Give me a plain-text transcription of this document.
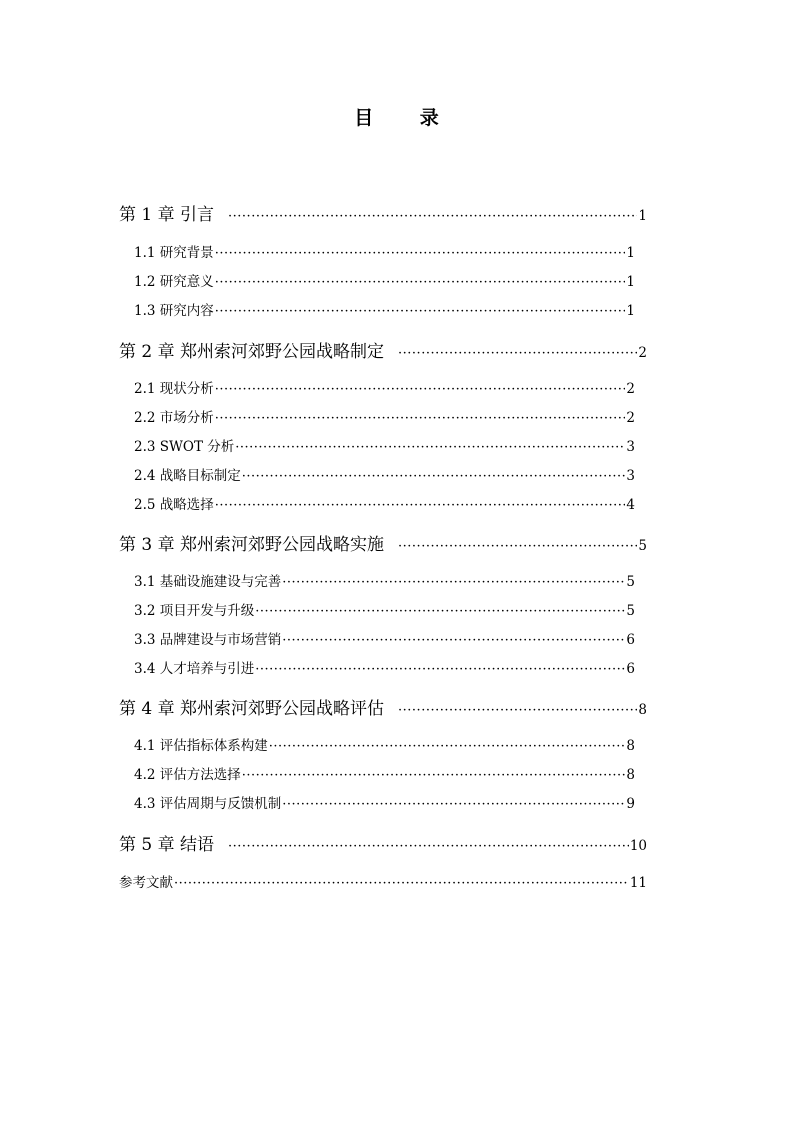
目 录
第 1 章 引言 ·····	1
1.1 研究背景 ·····	1
1.2 研究意义 ·····	1
1.3 研究内容 ·····	1
第 2 章 郑州索河郊野公园战略制定 ·····	2
2.1 现状分析 ·····	2
2.2 市场分析 ·····	2
2.3 SWOT 分析 ·····	3
2.4 战略目标制定 ·····	3
2.5 战略选择 ·····	4
第 3 章 郑州索河郊野公园战略实施 ·····	5
3.1 基础设施建设与完善 ·····	5
3.2 项目开发与升级 ·····	5
3.3 品牌建设与市场营销 ·····	6
3.4 人才培养与引进 ·····	6
第 4 章 郑州索河郊野公园战略评估 ·····	8
4.1 评估指标体系构建 ·····	8
4.2 评估方法选择 ·····	8
4.3 评估周期与反馈机制 ·····	9
第 5 章 结语 ·····	10
参考文献 ·····	11
